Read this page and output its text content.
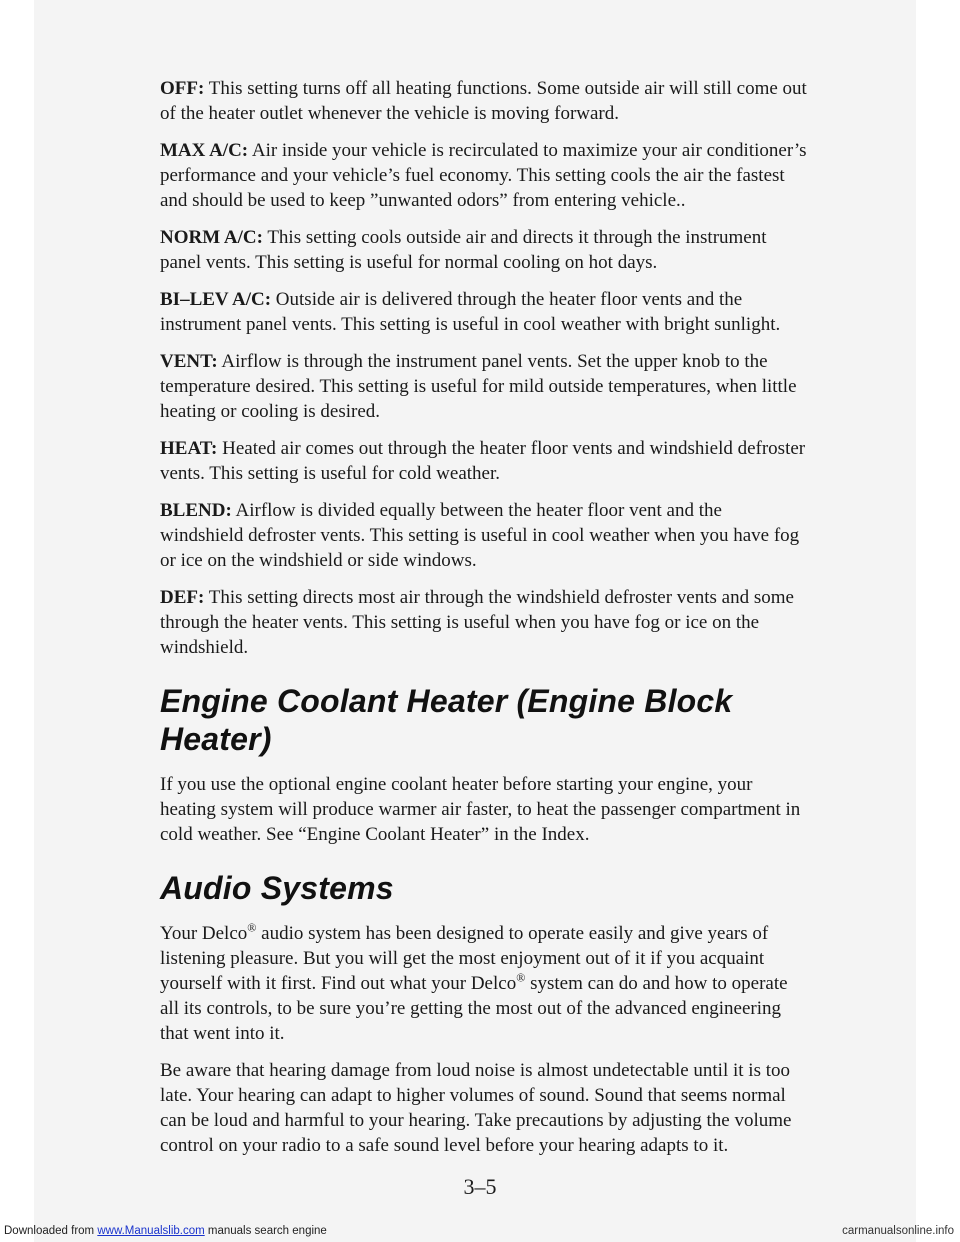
OFF: This setting turns off all heating functions. Some outside air will still come out of the heater outlet whenever the vehicle is moving forward.

MAX A/C: Air inside your vehicle is recirculated to maximize your air conditioner’s performance and your vehicle’s fuel economy. This setting cools the air the fastest and should be used to keep ”unwanted odors” from entering vehicle..

NORM A/C: This setting cools outside air and directs it through the instrument panel vents. This setting is useful for normal cooling on hot days.

BI–LEV A/C: Outside air is delivered through the heater floor vents and the instrument panel vents. This setting is useful in cool weather with bright sunlight.

VENT: Airflow is through the instrument panel vents. Set the upper knob to the temperature desired. This setting is useful for mild outside temperatures, when little heating or cooling is desired.

HEAT: Heated air comes out through the heater floor vents and windshield defroster vents. This setting is useful for cold weather.

BLEND: Airflow is divided equally between the heater floor vent and the windshield defroster vents. This setting is useful in cool weather when you have fog or ice on the windshield or side windows.

DEF: This setting directs most air through the windshield defroster vents and some through the heater vents. This setting is useful when you have fog or ice on the windshield.

Engine Coolant Heater (Engine Block Heater)

If you use the optional engine coolant heater before starting your engine, your heating system will produce warmer air faster, to heat the passenger compartment in cold weather. See “Engine Coolant Heater” in the Index.

Audio Systems

Your Delco® audio system has been designed to operate easily and give years of listening pleasure. But you will get the most enjoyment out of it if you acquaint yourself with it first. Find out what your Delco® system can do and how to operate all its controls, to be sure you’re getting the most out of the advanced engineering that went into it.

Be aware that hearing damage from loud noise is almost undetectable until it is too late. Your hearing can adapt to higher volumes of sound. Sound that seems normal can be loud and harmful to your hearing. Take precautions by adjusting the volume control on your radio to a safe sound level before your hearing adapts to it.

3–5
Downloaded from www.Manualslib.com manuals search engine	carmanualsonline.info
